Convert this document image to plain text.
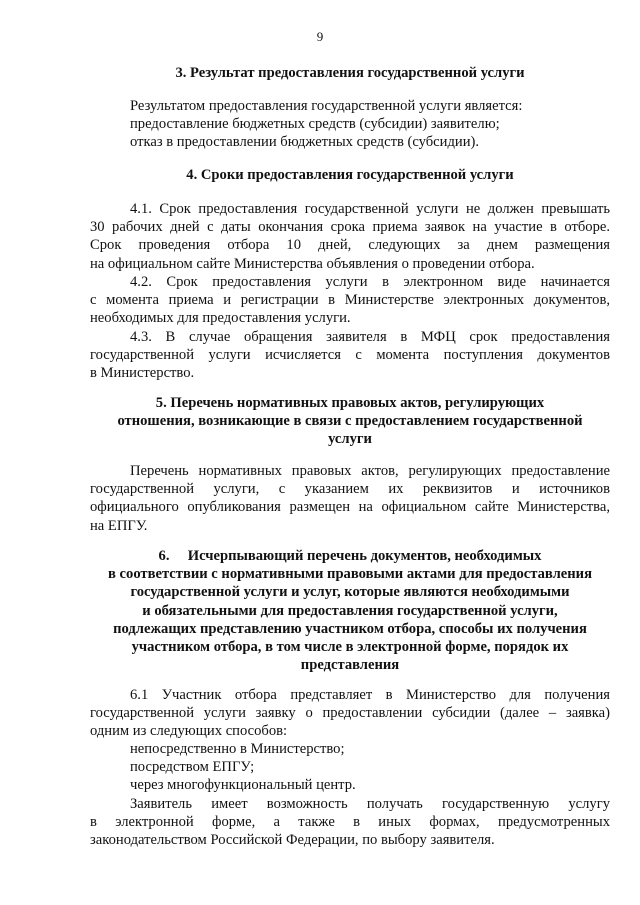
9
3. Результат предоставления государственной услуги
Результатом предоставления государственной услуги является:
предоставление бюджетных средств (субсидии) заявителю;
отказ в предоставлении бюджетных средств (субсидии).
4. Сроки предоставления государственной услуги
4.1. Срок предоставления государственной услуги не должен превышать
30 рабочих дней с даты окончания срока приема заявок на участие в отборе.
Срок проведения отбора 10 дней, следующих за днем размещения
на официальном сайте Министерства объявления о проведении отбора.
4.2. Срок предоставления услуги в электронном виде начинается
с момента приема и регистрации в Министерстве электронных документов,
необходимых для предоставления услуги.
4.3. В случае обращения заявителя в МФЦ срок предоставления
государственной услуги исчисляется с момента поступления документов
в Министерство.
5. Перечень нормативных правовых актов, регулирующих
отношения, возникающие в связи с предоставлением государственной
услуги
Перечень нормативных правовых актов, регулирующих предоставление
государственной услуги, с указанием их реквизитов и источников
официального опубликования размещен на официальном сайте Министерства,
на ЕПГУ.
6.     Исчерпывающий перечень документов, необходимых
в соответствии с нормативными правовыми актами для предоставления
государственной услуги и услуг, которые являются необходимыми
и обязательными для предоставления государственной услуги,
подлежащих представлению участником отбора, способы их получения
участником отбора, в том числе в электронной форме, порядок их
представления
6.1 Участник отбора представляет в Министерство для получения
государственной услуги заявку о предоставлении субсидии (далее – заявка)
одним из следующих способов:
непосредственно в Министерство;
посредством ЕПГУ;
через многофункциональный центр.
Заявитель имеет возможность получать государственную услугу
в электронной форме, а также в иных формах, предусмотренных
законодательством Российской Федерации, по выбору заявителя.
